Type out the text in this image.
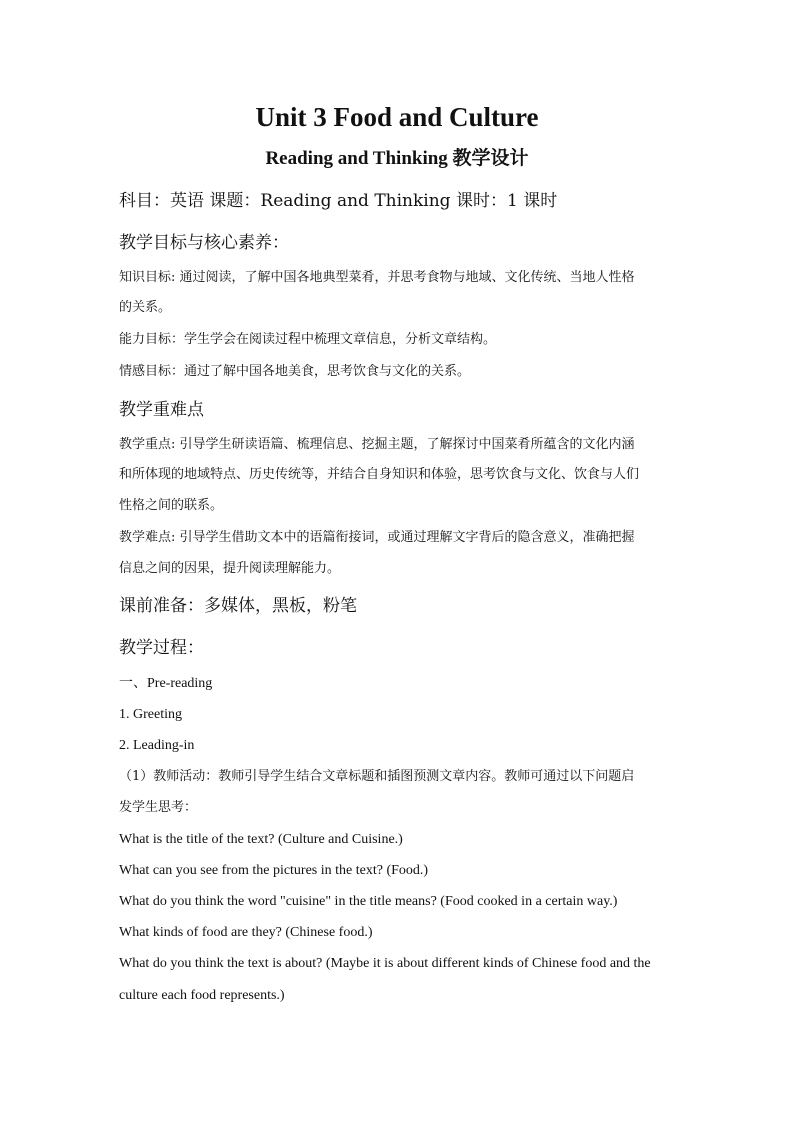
Unit 3 Food and Culture
Reading and Thinking 教学设计
科目：英语 课题：Reading and Thinking 课时：1 课时
教学目标与核心素养：
知识目标: 通过阅读，了解中国各地典型菜肴，并思考食物与地域、文化传统、当地人性格
的关系。
能力目标：学生学会在阅读过程中梳理文章信息，分析文章结构。
情感目标：通过了解中国各地美食，思考饮食与文化的关系。
教学重难点
教学重点: 引导学生研读语篇、梳理信息、挖掘主题，了解探讨中国菜肴所蕴含的文化内涵
和所体现的地域特点、历史传统等，并结合自身知识和体验，思考饮食与文化、饮食与人们
性格之间的联系。
教学难点: 引导学生借助文本中的语篇衔接词，或通过理解文字背后的隐含意义，准确把握
信息之间的因果，提升阅读理解能力。
课前准备：多媒体，黑板，粉笔
教学过程：
一、Pre-reading
1. Greeting
2. Leading-in
（1）教师活动：教师引导学生结合文章标题和插图预测文章内容。教师可通过以下问题启
发学生思考：
What is the title of the text? (Culture and Cuisine.)
What can you see from the pictures in the text? (Food.)
What do you think the word "cuisine" in the title means? (Food cooked in a certain way.)
What kinds of food are they? (Chinese food.)
What do you think the text is about? (Maybe it is about different kinds of Chinese food and the
culture each food represents.)
